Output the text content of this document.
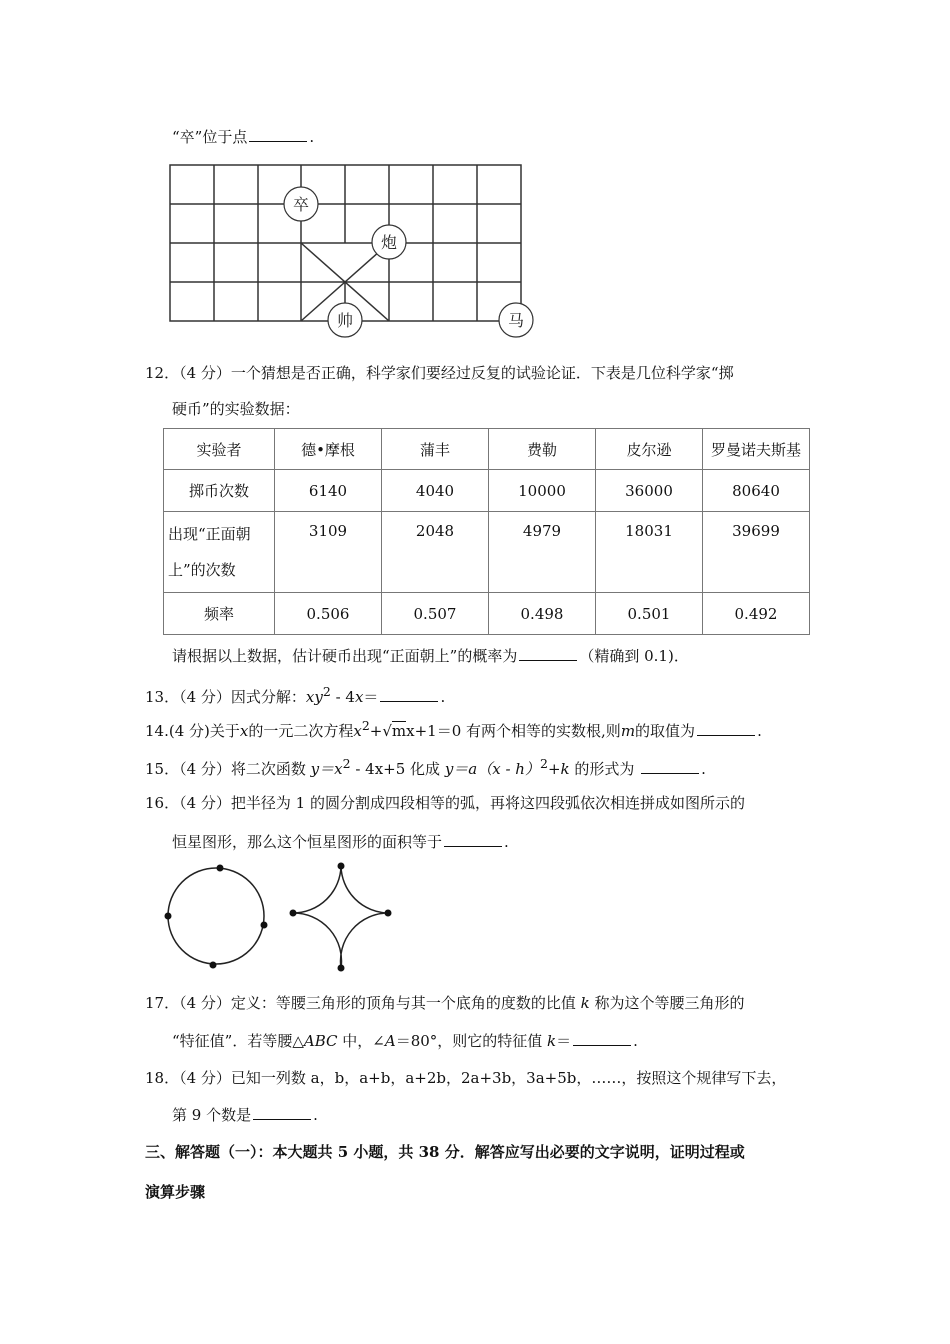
“卒”位于点	.
卒
炮
帅	马
12．（4 分）一个猜想是否正确，科学家们要经过反复的试验论证．下表是几位科学家“掷
硬币”的实验数据：
实验者	德•摩根	蒲丰	费勒	皮尔逊	罗曼诺夫斯基
掷币次数	6140	4040	10000	36000	80640
出现“正面朝上”的次数	3109	2048	4979	18031	39699
频率	0.506	0.507	0.498	0.501	0.492
请根据以上数据，估计硬币出现“正面朝上”的概率为	（精确到 0.1)．
13．（4 分）因式分解：$xy^2 - 4x=$	.
14.(4 分)关于x的一元二次方程$x^2+√mx+1=0$ 有两个相等的实数根,则m的取值为	.
15．（4 分）将二次函数 $y=x^2 - 4x+5$ 化成 y＝a（x - h）$^2$+k 的形式为	.
16．（4 分）把半径为 1 的圆分割成四段相等的弧，再将这四段弧依次相连拼成如图所示的
恒星图形，那么这个恒星图形的面积等于	.
17．（4 分）定义：等腰三角形的顶角与其一个底角的度数的比值 k 称为这个等腰三角形的
“特征值”．若等腰△ABC 中，∠A＝80°，则它的特征值 k＝	.
18．（4 分）已知一列数 a，b，a+b，a+2b，2a+3b，3a+5b，……，按照这个规律写下去，
第 9 个数是	.
三、解答题（一）：本大题共 5 小题，共 38 分．解答应写出必要的文字说明，证明过程或
演算步骤
